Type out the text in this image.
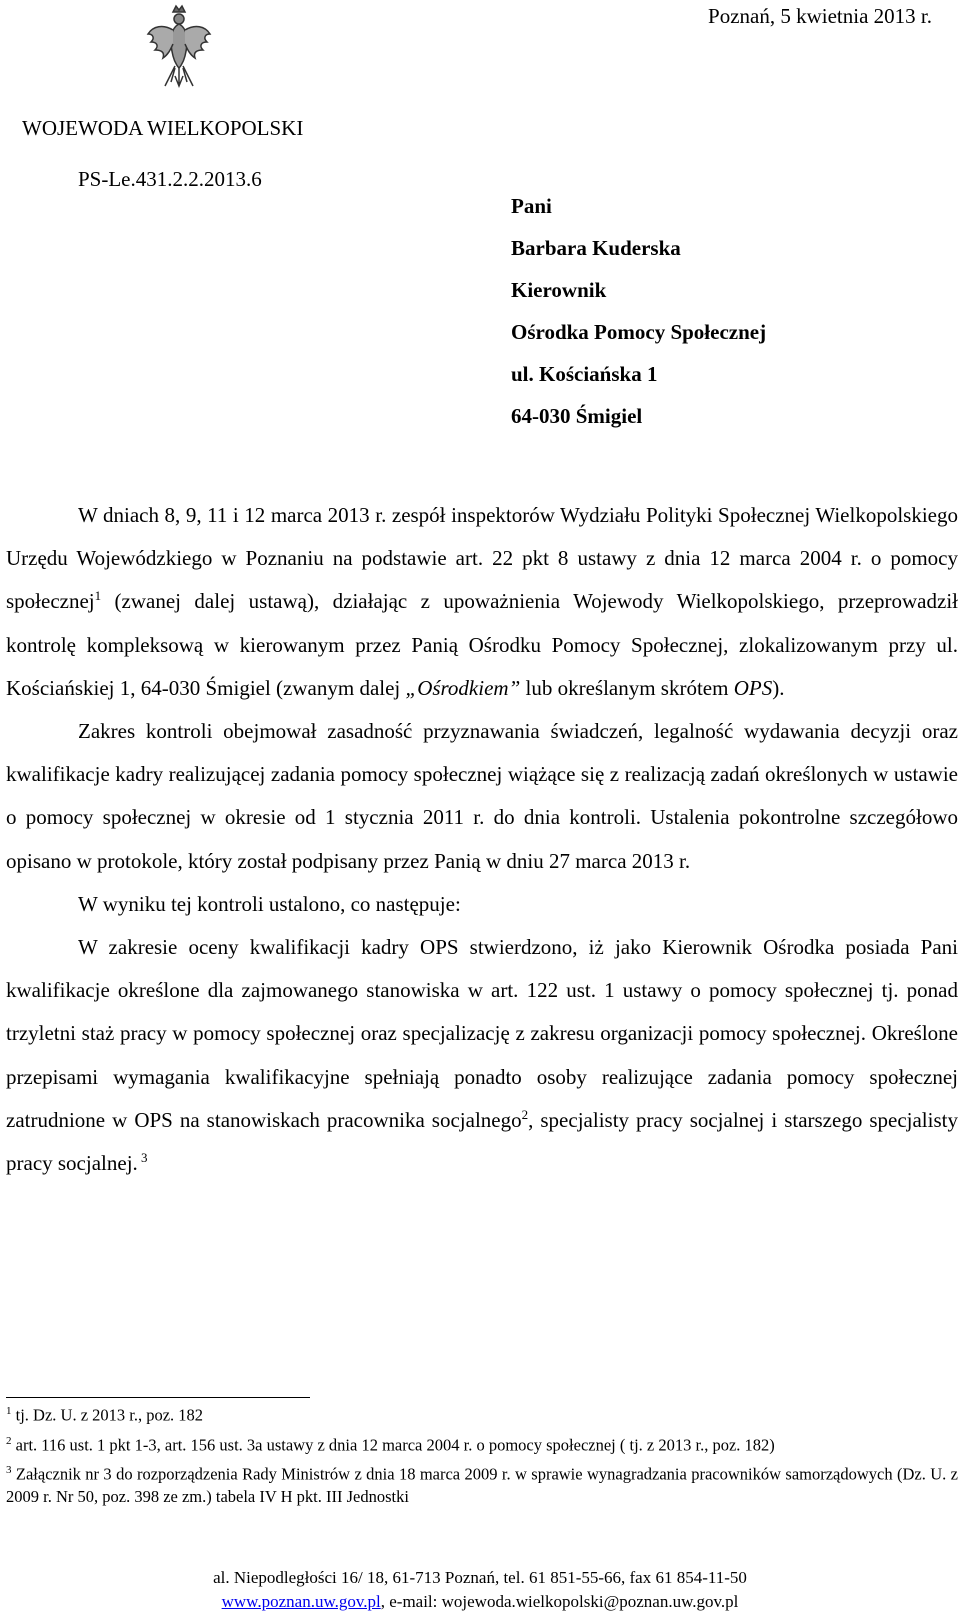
Poznań, 5 kwietnia 2013 r.
WOJEWODA WIELKOPOLSKI
PS-Le.431.2.2.2013.6
Pani
Barbara Kuderska
Kierownik
Ośrodka Pomocy Społecznej
ul. Kościańska 1
64-030 Śmigiel

W dniach 8, 9, 11 i 12 marca 2013 r. zespół inspektorów Wydziału Polityki Społecznej Wielkopolskiego Urzędu Wojewódzkiego w Poznaniu na podstawie art. 22 pkt 8 ustawy z dnia 12 marca 2004 r. o pomocy społecznej$^1$ (zwanej dalej ustawą), działając z upoważnienia Wojewody Wielkopolskiego, przeprowadził kontrolę kompleksową w kierowanym przez Panią Ośrodku Pomocy Społecznej, zlokalizowanym przy ul. Kościańskiej 1, 64-030 Śmigiel (zwanym dalej „Ośrodkiem” lub określanym skrótem OPS).

Zakres kontroli obejmował zasadność przyznawania świadczeń, legalność wydawania decyzji oraz kwalifikacje kadry realizującej zadania pomocy społecznej wiążące się z realizacją zadań określonych w ustawie o pomocy społecznej w okresie od 1 stycznia 2011 r. do dnia kontroli. Ustalenia pokontrolne szczegółowo opisano w protokole, który został podpisany przez Panią w dniu 27 marca 2013 r.

W wyniku tej kontroli ustalono, co następuje:

W zakresie oceny kwalifikacji kadry OPS stwierdzono, iż jako Kierownik Ośrodka posiada Pani kwalifikacje określone dla zajmowanego stanowiska w art. 122 ust. 1 ustawy o pomocy społecznej tj. ponad trzyletni staż pracy w pomocy społecznej oraz specjalizację z zakresu organizacji pomocy społecznej. Określone przepisami wymagania kwalifikacyjne spełniają ponadto osoby realizujące zadania pomocy społecznej zatrudnione w OPS na stanowiskach pracownika socjalnego$^2$, specjalisty pracy socjalnej i starszego specjalisty pracy socjalnej. $^3$

$^1$ tj. Dz. U. z 2013 r., poz. 182

$^2$ art. 116 ust. 1 pkt 1-3, art. 156 ust. 3a ustawy z dnia 12 marca 2004 r. o pomocy społecznej ( tj. z 2013 r., poz. 182)

$^3$ Załącznik nr 3 do rozporządzenia Rady Ministrów z dnia 18 marca 2009 r. w sprawie wynagradzania pracowników samorządowych (Dz. U. z 2009 r. Nr 50, poz. 398 ze zm.) tabela IV H pkt. III Jednostki

al. Niepodległości 16/ 18, 61-713 Poznań, tel. 61 851-55-66, fax 61 854-11-50
www.poznan.uw.gov.pl, e-mail: wojewoda.wielkopolski@poznan.uw.gov.pl
